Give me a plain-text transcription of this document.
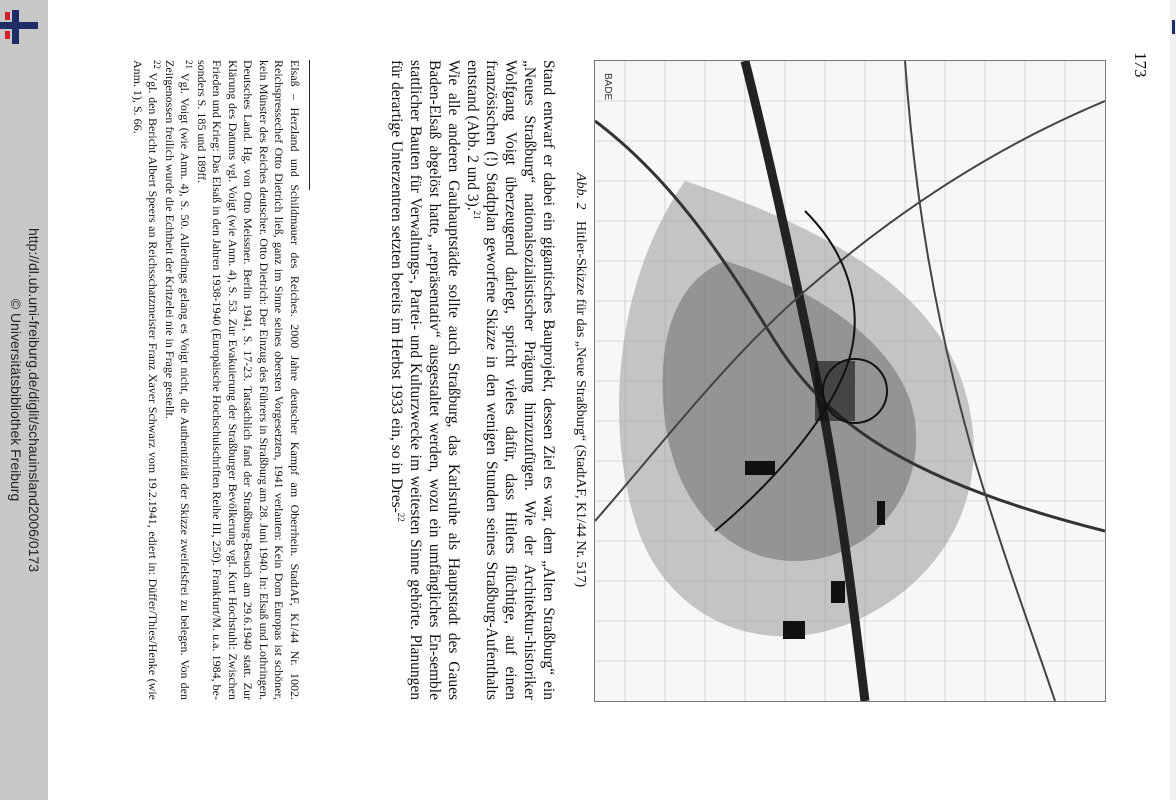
http://dl.ub.uni-freiburg.de/diglit/schauinsland2006/0173
© Universitätsbibliothek Freiburg
173
BADE
Abb. 2 Hitler-Skizze für das „Neue Straßburg“ (StadtAF, K1/44 Nr. 517)

Stand entwarf er dabei ein gigantisches Bauprojekt, dessen Ziel es war, dem „Alten Straßburg“ ein „Neues Straßburg“ nationalsozialistischer Prägung hinzuzufügen. Wie der Architektur-historiker Wolfgang Voigt überzeugend darlegt, spricht vieles dafür, dass Hitlers flüchtige, auf einen französischen (!) Stadtplan geworfene Skizze in den wenigen Stunden seines Straßburg-Aufenthalts entstand (Abb. 2 und 3).$^{21}$

Wie alle anderen Gauhauptstädte sollte auch Straßburg, das Karlsruhe als Hauptstadt des Gaues Baden-Elsaß abgelöst hatte, „repräsentativ“ ausgestaltet werden, wozu ein umfängliches En-semble stattlicher Bauten für Verwaltungs-, Partei- und Kulturzwecke im weitesten Sinne gehörte. Planungen für derartige Unterzentren setzten bereits im Herbst 1933 ein, so in Dres-$^{22}$

Elsaß – Herzland und Schildmauer des Reiches. 2000 Jahre deutscher Kampf am Oberrhein. StadtAF, K1/44 Nr. 1002. Reichspressechef Otto Dietrich ließ, ganz im Sinne seines obersten Vorgesetzten, 1941 verlauten: Kein Dom Europas ist schöner, kein Münster des Reiches deutscher. Otto Dietrich: Der Einzug des Führers in Straßburg am 28. Juni 1940. In: Elsaß und Lothringen. Deutsches Land. Hg. von Otto Meissner. Berlin 1941, S. 17-23. Tatsächlich fand der Straßburg-Besuch am 29.6.1940 statt. Zur Klärung des Datums vgl. Voigt (wie Anm. 4), S. 53. Zur Evakuierung der Straßburger Bevölkerung vgl. Kurt Hochstuhl: Zwischen Frieden und Krieg: Das Elsaß in den Jahren 1938-1940 (Europäische Hochschulschriften Reihe III, 250). Frankfurt/M. u.a. 1984, be-sonders S. 185 und 189ff.

$^{21}$ Vgl. Voigt (wie Anm. 4), S. 50. Allerdings gelang es Voigt nicht, die Authentizität der Skizze zweifelsfrei zu belegen. Von den Zeitgenossen freilich wurde die Echtheit der Kritzelei nie in Frage gestellt.

$^{22}$ Vgl. den Bericht Albert Speers an Reichsschatzmeister Franz Xaver Schwarz vom 19.2.1941, ediert in: Düffer/Thies/Henke (wie Anm. 1), S. 66.
